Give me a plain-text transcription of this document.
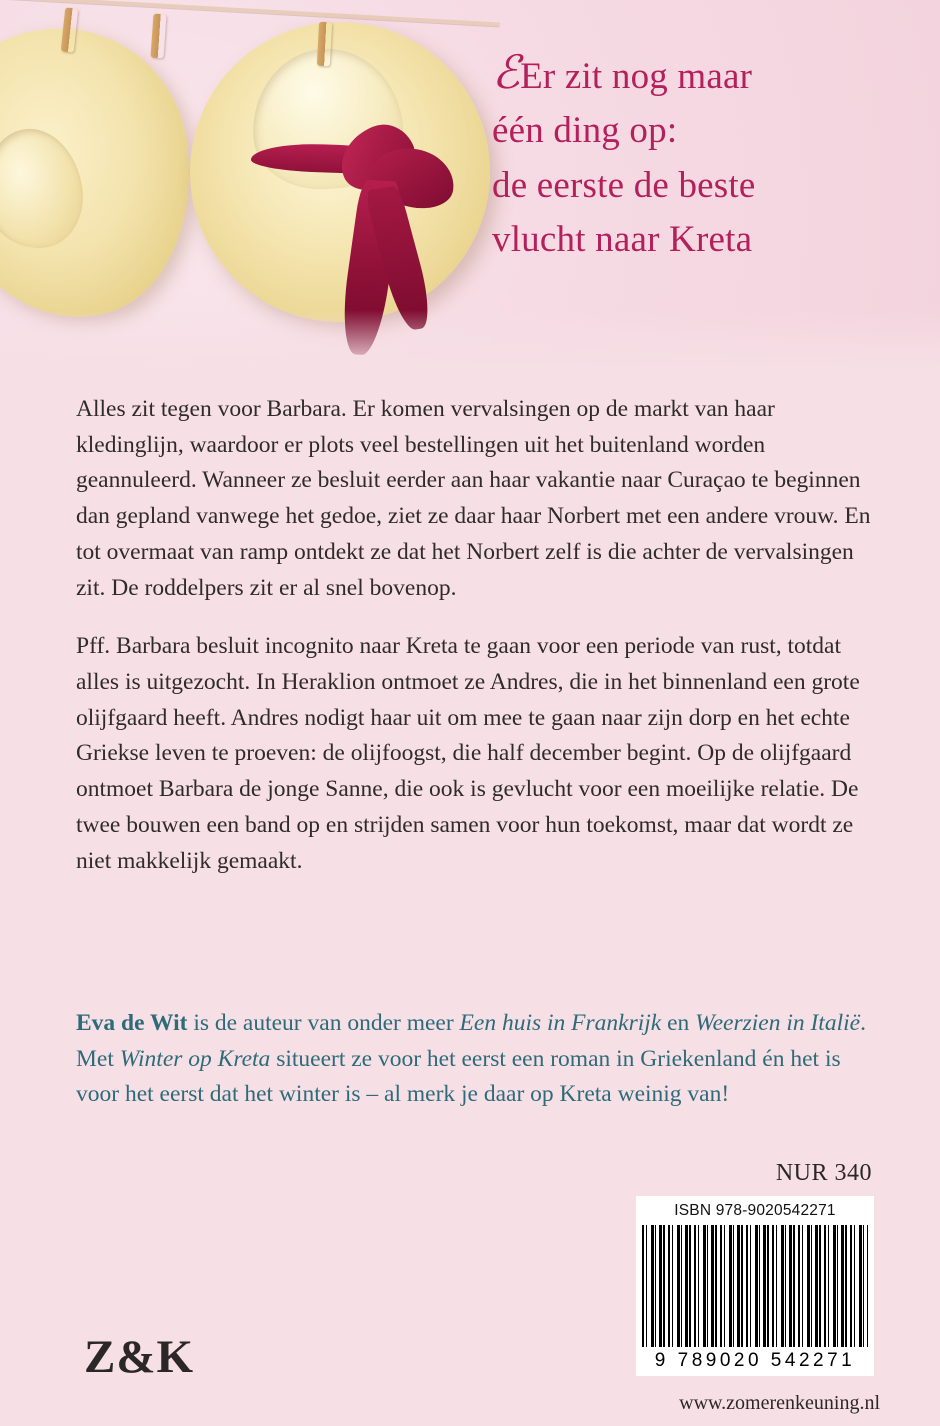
ℰEr zit nog maar
één ding op:
de eerste de beste
vlucht naar Kreta

Alles zit tegen voor Barbara. Er komen vervalsingen op de markt van haar kledinglijn, waardoor er plots veel bestellingen uit het buitenland worden geannuleerd. Wanneer ze besluit eerder aan haar vakantie naar Curaçao te beginnen dan gepland vanwege het gedoe, ziet ze daar haar Norbert met een andere vrouw. En tot overmaat van ramp ontdekt ze dat het Norbert zelf is die achter de vervalsingen zit. De roddelpers zit er al snel bovenop.

Pff. Barbara besluit incognito naar Kreta te gaan voor een periode van rust, totdat alles is uitgezocht. In Heraklion ontmoet ze Andres, die in het binnenland een grote olijfgaard heeft. Andres nodigt haar uit om mee te gaan naar zijn dorp en het echte Griekse leven te proeven: de olijfoogst, die half december begint. Op de olijfgaard ontmoet Barbara de jonge Sanne, die ook is gevlucht voor een moeilijke relatie. De twee bouwen een band op en strijden samen voor hun toekomst, maar dat wordt ze niet makkelijk gemaakt.

Eva de Wit is de auteur van onder meer Een huis in Frankrijk en Weerzien in Italië. Met Winter op Kreta situeert ze voor het eerst een roman in Griekenland én het is voor het eerst dat het winter is – al merk je daar op Kreta weinig van!
NUR 340
ISBN 978-9020542271
9 789020 542271
www.zomerenkeuning.nl
Z&K
